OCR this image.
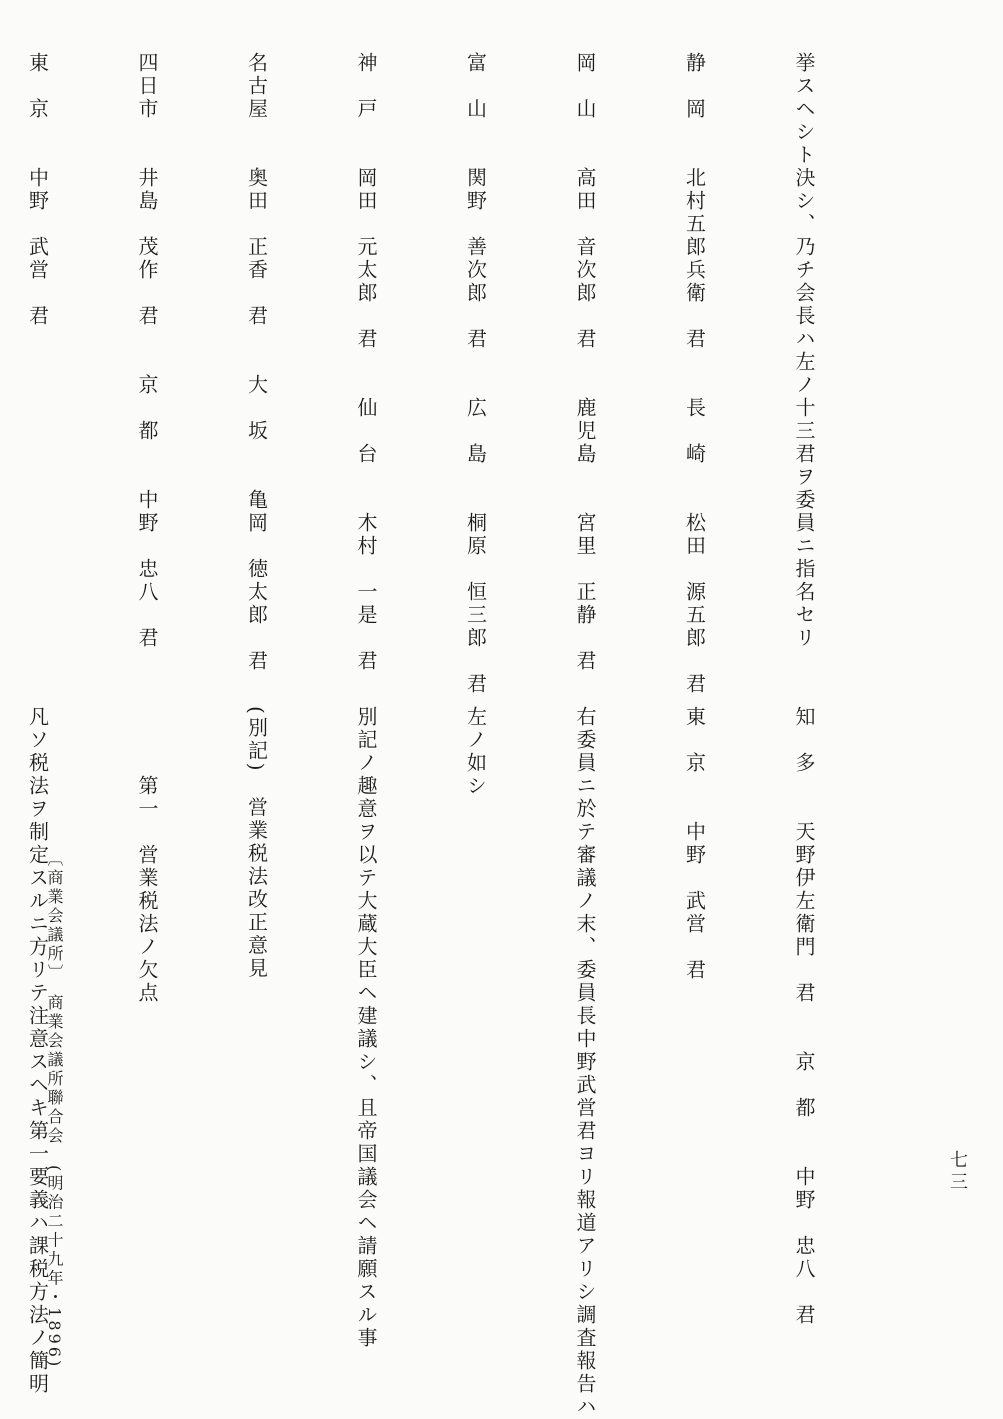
挙スヘシト決シ、乃チ会長ハ左ノ十三君ヲ委員ニ指名セリ

静　岡　　北村五郎兵衛　君　　長　崎　　松田　源五郎　君

岡　山　　高田　音次郎　君　　鹿児島　　宮里　正静　君

富　山　　関野　善次郎　君　　広　島　　桐原　恒三郎　君

神　戸　　岡田　元太郎　君　　仙　台　　木村　一是　君

名古屋　　奥田　正香　君　　大　坂　　亀岡　徳太郎　君

四日市　　井島　茂作　君　　京　都　　中野　忠八　君

東　京　　中野　武営　君

知　多　　天野伊左衛門　君　　京　都　　中野　忠八　君

東　京　　中野　武営　君

右委員ニ於テ審議ノ末、委員長中野武営君ヨリ報道アリシ調査報告ハ

左ノ如シ

別記ノ趣意ヲ以テ大蔵大臣ヘ建議シ、且帝国議会ヘ請願スル事

(別記)　営業税法改正意見

　　　第一　営業税法ノ欠点

凡ソ税法ヲ制定スルニ方リテ注意スヘキ第一要義ハ課税方法ノ簡明

〔商業会議所〕　商業会議所聯合会　(明治二十九年・1896)	七三
